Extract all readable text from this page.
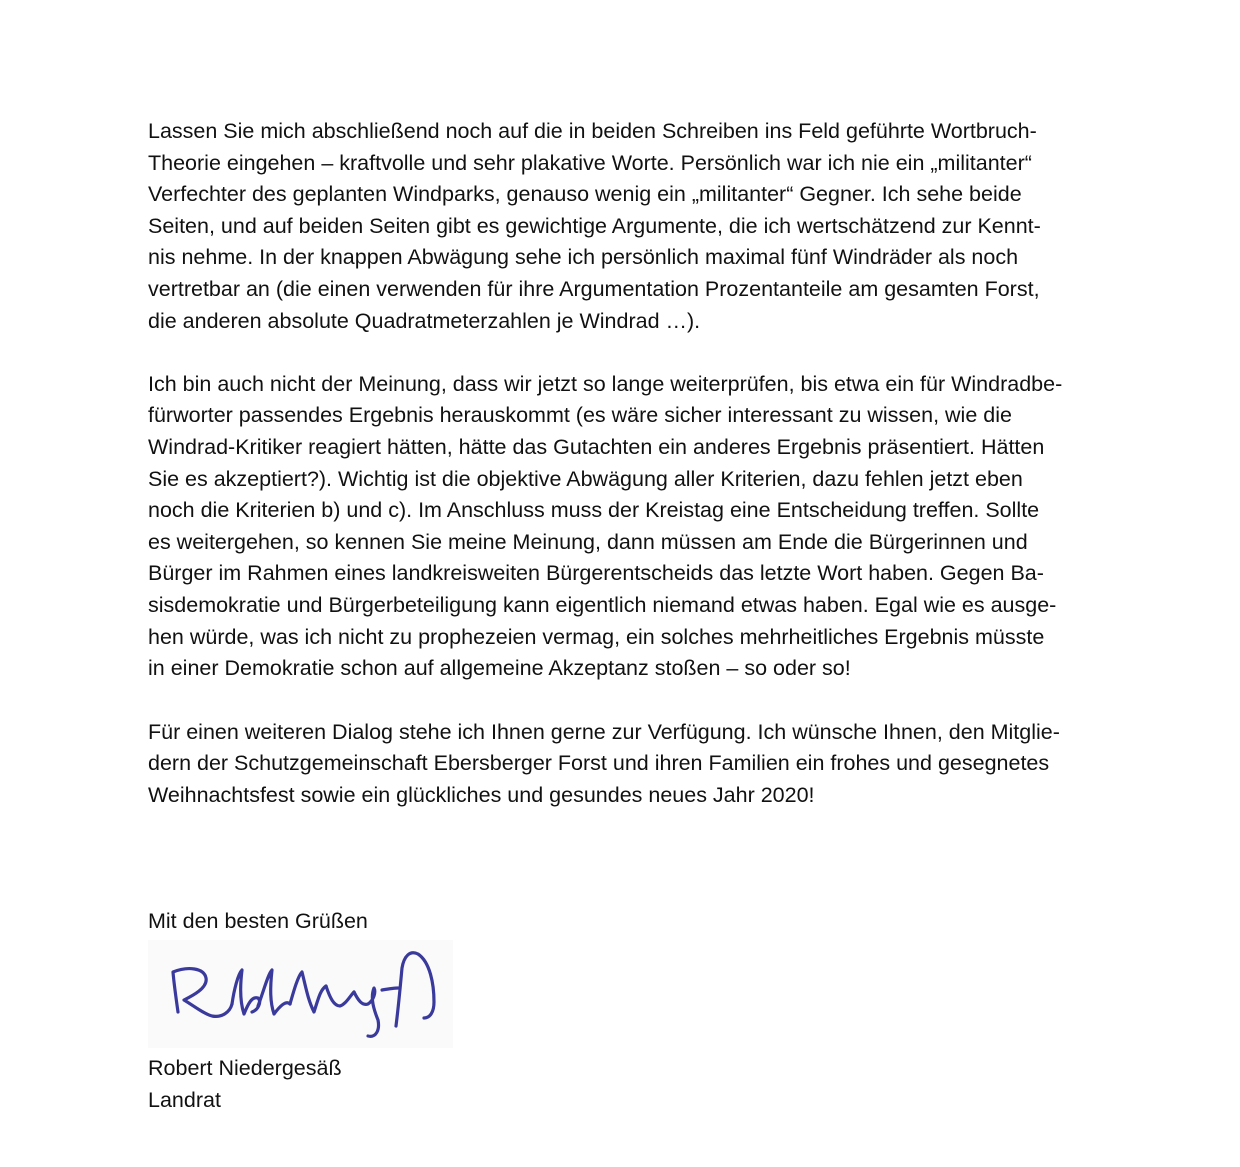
Lassen Sie mich abschließend noch auf die in beiden Schreiben ins Feld geführte Wortbruch-

Theorie eingehen – kraftvolle und sehr plakative Worte. Persönlich war ich nie ein „militanter“

Verfechter des geplanten Windparks, genauso wenig ein „militanter“ Gegner. Ich sehe beide

Seiten, und auf beiden Seiten gibt es gewichtige Argumente, die ich wertschätzend zur Kennt-

nis nehme. In der knappen Abwägung sehe ich persönlich maximal fünf Windräder als noch

vertretbar an (die einen verwenden für ihre Argumentation Prozentanteile am gesamten Forst,

die anderen absolute Quadratmeterzahlen je Windrad …).

Ich bin auch nicht der Meinung, dass wir jetzt so lange weiterprüfen, bis etwa ein für Windradbe-

fürworter passendes Ergebnis herauskommt (es wäre sicher interessant zu wissen, wie die

Windrad-Kritiker reagiert hätten, hätte das Gutachten ein anderes Ergebnis präsentiert. Hätten

Sie es akzeptiert?). Wichtig ist die objektive Abwägung aller Kriterien, dazu fehlen jetzt eben

noch die Kriterien b) und c). Im Anschluss muss der Kreistag eine Entscheidung treffen. Sollte

es weitergehen, so kennen Sie meine Meinung, dann müssen am Ende die Bürgerinnen und

Bürger im Rahmen eines landkreisweiten Bürgerentscheids das letzte Wort haben. Gegen Ba-

sisdemokratie und Bürgerbeteiligung kann eigentlich niemand etwas haben. Egal wie es ausge-

hen würde, was ich nicht zu prophezeien vermag, ein solches mehrheitliches Ergebnis müsste

in einer Demokratie schon auf allgemeine Akzeptanz stoßen – so oder so!

Für einen weiteren Dialog stehe ich Ihnen gerne zur Verfügung. Ich wünsche Ihnen, den Mitglie-

dern der Schutzgemeinschaft Ebersberger Forst und ihren Familien ein frohes und gesegnetes

Weihnachtsfest sowie ein glückliches und gesundes neues Jahr 2020!

Mit den besten Grüßen

Robert Niedergesäß

Landrat
